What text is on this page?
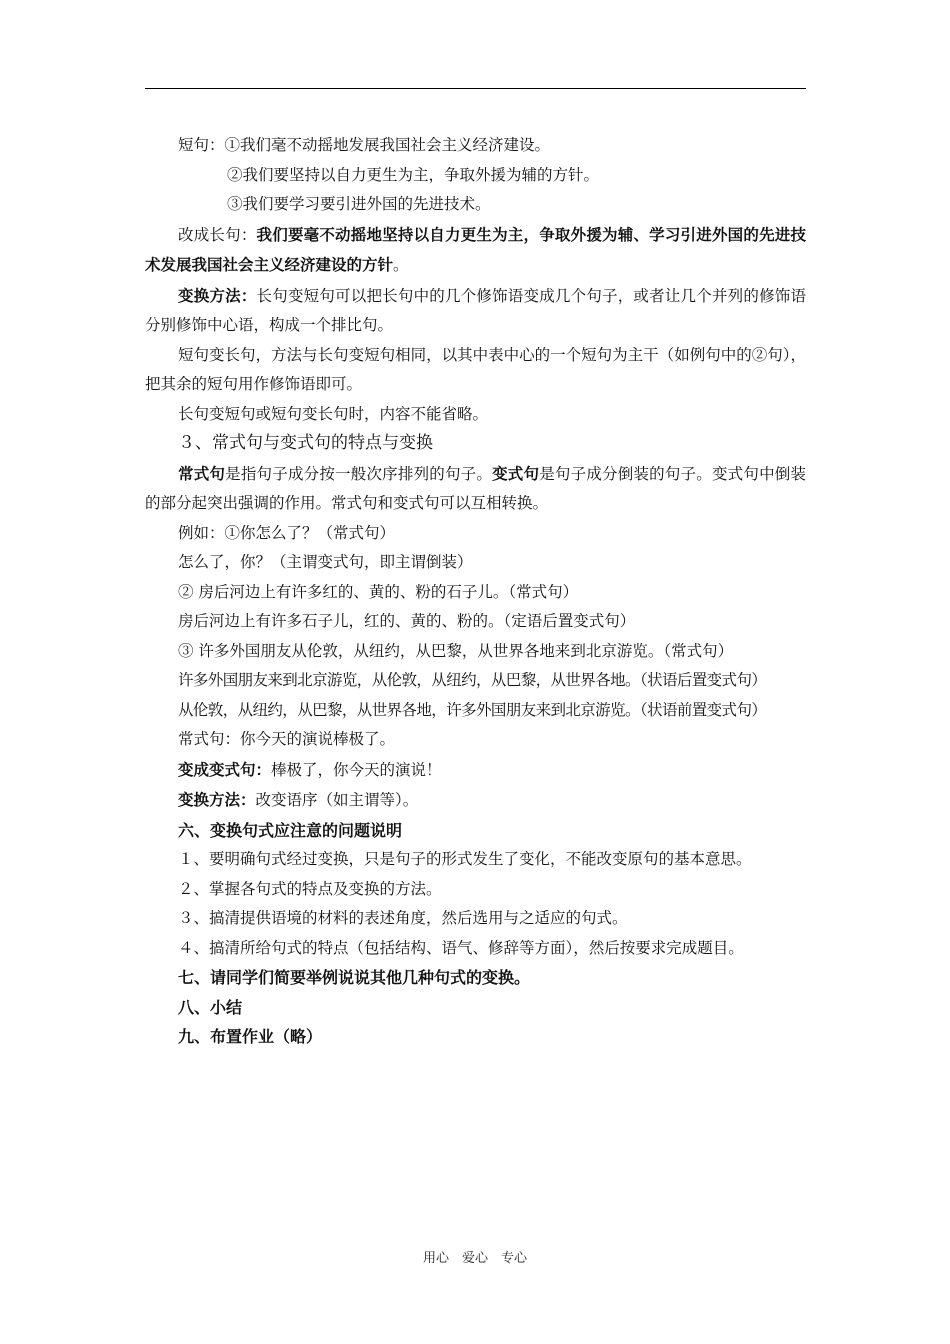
短句：①我们毫不动摇地发展我国社会主义经济建设。
②我们要坚持以自力更生为主，争取外援为辅的方针。
③我们要学习要引进外国的先进技术。
改成长句：我们要毫不动摇地坚持以自力更生为主，争取外援为辅、学习引进外国的先进技术发展我国社会主义经济建设的方针。
变换方法：长句变短句可以把长句中的几个修饰语变成几个句子，或者让几个并列的修饰语分别修饰中心语，构成一个排比句。
短句变长句，方法与长句变短句相同，以其中表中心的一个短句为主干（如例句中的②句），把其余的短句用作修饰语即可。
长句变短句或短句变长句时，内容不能省略。
３、常式句与变式句的特点与变换
常式句是指句子成分按一般次序排列的句子。变式句是句子成分倒装的句子。变式句中倒装的部分起突出强调的作用。常式句和变式句可以互相转换。
例如：①你怎么了？（常式句）
怎么了，你？（主谓变式句，即主谓倒装）
② 房后河边上有许多红的、黄的、粉的石子儿。（常式句）
房后河边上有许多石子儿，红的、黄的、粉的。（定语后置变式句）
③ 许多外国朋友从伦敦，从纽约，从巴黎，从世界各地来到北京游览。（常式句）
许多外国朋友来到北京游览，从伦敦，从纽约，从巴黎，从世界各地。（状语后置变式句）
从伦敦，从纽约，从巴黎，从世界各地，许多外国朋友来到北京游览。（状语前置变式句）
常式句：你今天的演说棒极了。
变成变式句：棒极了，你今天的演说！
变换方法：改变语序（如主谓等）。
六、变换句式应注意的问题说明
１、要明确句式经过变换，只是句子的形式发生了变化，不能改变原句的基本意思。
２、掌握各句式的特点及变换的方法。
３、搞清提供语境的材料的表述角度，然后选用与之适应的句式。
４、搞清所给句式的特点（包括结构、语气、修辞等方面），然后按要求完成题目。
七、请同学们简要举例说说其他几种句式的变换。
八、小结
九、布置作业（略）
用心　爱心　专心
